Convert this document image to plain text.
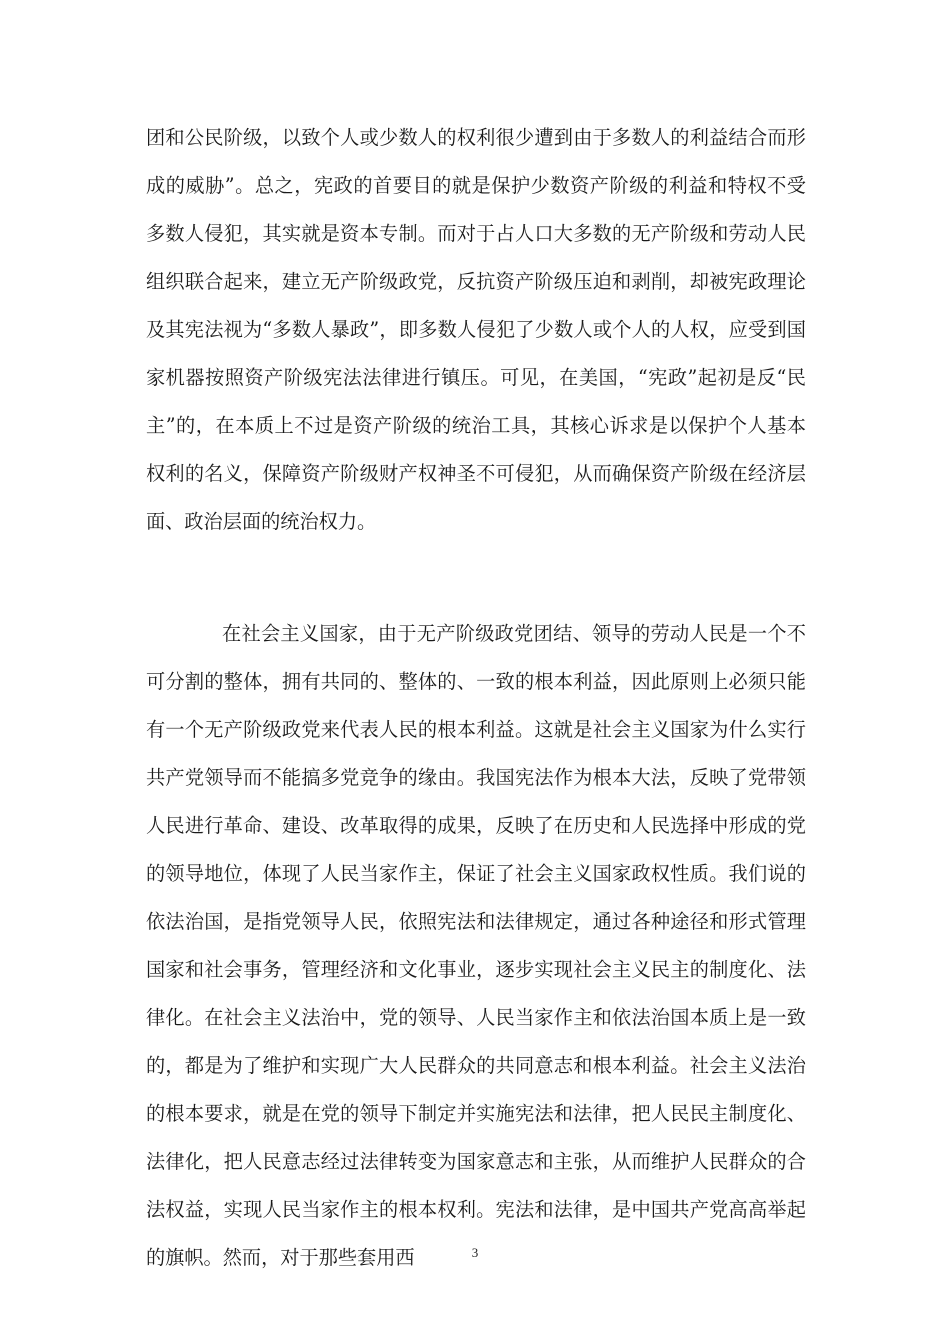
团和公民阶级，以致个人或少数人的权利很少遭到由于多数人的利益结合而形成的威胁”。总之，宪政的首要目的就是保护少数资产阶级的利益和特权不受多数人侵犯，其实就是资本专制。而对于占人口大多数的无产阶级和劳动人民组织联合起来，建立无产阶级政党，反抗资产阶级压迫和剥削，却被宪政理论及其宪法视为“多数人暴政”，即多数人侵犯了少数人或个人的人权，应受到国家机器按照资产阶级宪法法律进行镇压。可见，在美国，“宪政”起初是反“民主”的，在本质上不过是资产阶级的统治工具，其核心诉求是以保护个人基本权利的名义，保障资产阶级财产权神圣不可侵犯，从而确保资产阶级在经济层面、政治层面的统治权力。

在社会主义国家，由于无产阶级政党团结、领导的劳动人民是一个不可分割的整体，拥有共同的、整体的、一致的根本利益，因此原则上必须只能有一个无产阶级政党来代表人民的根本利益。这就是社会主义国家为什么实行共产党领导而不能搞多党竞争的缘由。我国宪法作为根本大法，反映了党带领人民进行革命、建设、改革取得的成果，反映了在历史和人民选择中形成的党的领导地位，体现了人民当家作主，保证了社会主义国家政权性质。我们说的依法治国，是指党领导人民，依照宪法和法律规定，通过各种途径和形式管理国家和社会事务，管理经济和文化事业，逐步实现社会主义民主的制度化、法律化。在社会主义法治中，党的领导、人民当家作主和依法治国本质上是一致的，都是为了维护和实现广大人民群众的共同意志和根本利益。社会主义法治的根本要求，就是在党的领导下制定并实施宪法和法律，把人民民主制度化、法律化，把人民意志经过法律转变为国家意志和主张，从而维护人民群众的合法权益，实现人民当家作主的根本权利。宪法和法律，是中国共产党高高举起的旗帜。然而，对于那些套用西	3
